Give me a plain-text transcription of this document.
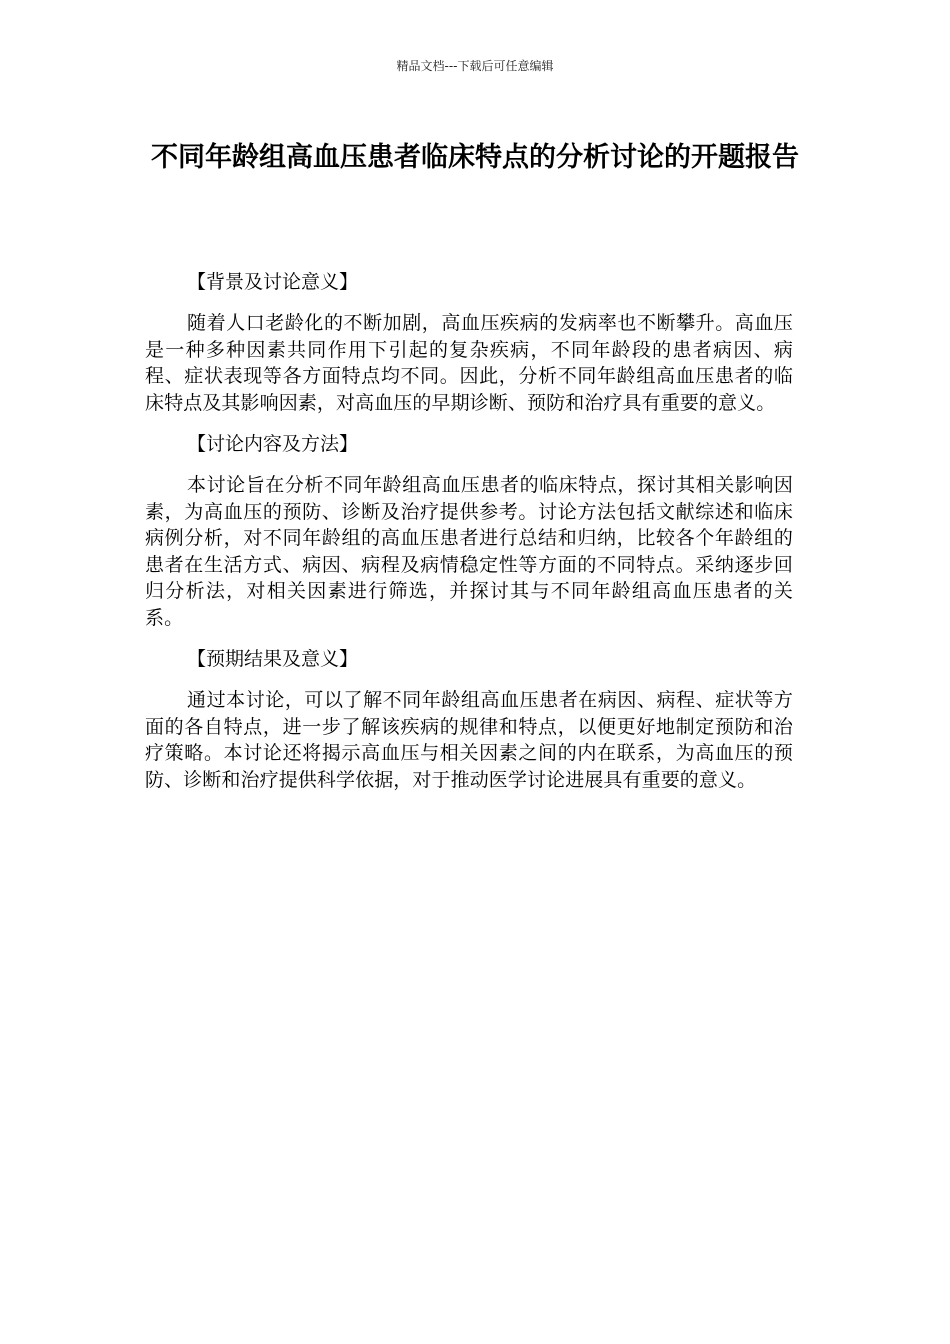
精品文档---下载后可任意编辑
不同年龄组高血压患者临床特点的分析讨论的开题报告
【背景及讨论意义】

随着人口老龄化的不断加剧，高血压疾病的发病率也不断攀升。高血压是一种多种因素共同作用下引起的复杂疾病，不同年龄段的患者病因、病程、症状表现等各方面特点均不同。因此，分析不同年龄组高血压患者的临床特点及其影响因素，对高血压的早期诊断、预防和治疗具有重要的意义。

【讨论内容及方法】

本讨论旨在分析不同年龄组高血压患者的临床特点，探讨其相关影响因素，为高血压的预防、诊断及治疗提供参考。讨论方法包括文献综述和临床病例分析，对不同年龄组的高血压患者进行总结和归纳，比较各个年龄组的患者在生活方式、病因、病程及病情稳定性等方面的不同特点。采纳逐步回归分析法，对相关因素进行筛选，并探讨其与不同年龄组高血压患者的关系。

【预期结果及意义】

通过本讨论，可以了解不同年龄组高血压患者在病因、病程、症状等方面的各自特点，进一步了解该疾病的规律和特点，以便更好地制定预防和治疗策略。本讨论还将揭示高血压与相关因素之间的内在联系，为高血压的预防、诊断和治疗提供科学依据，对于推动医学讨论进展具有重要的意义。
